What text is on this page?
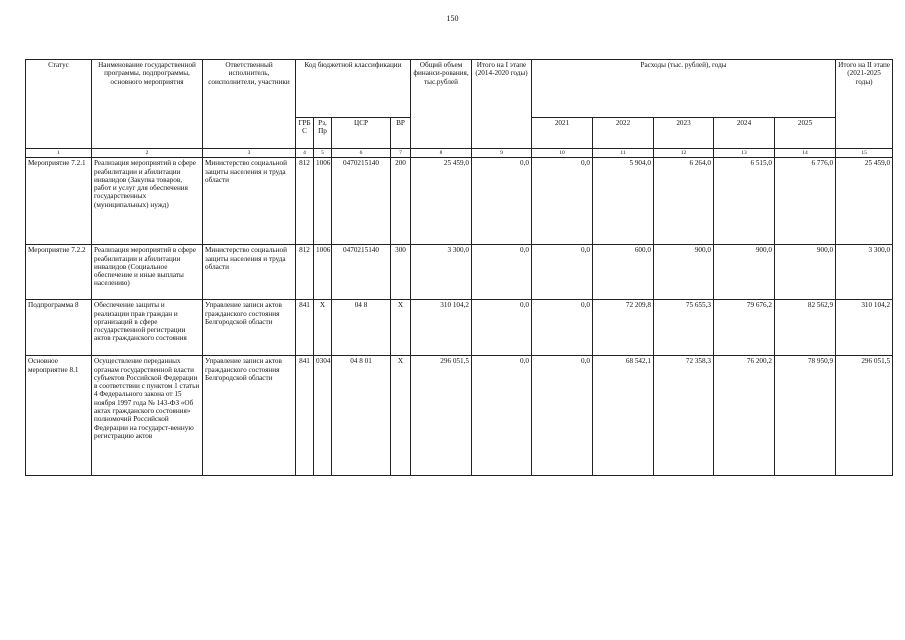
150
Статус	Наименование государственной программы, подпрограммы, основного мероприятия	Ответственный исполнитель, соисполнители, участники	Код бюджетной классификации				Общий объем финанси-рования, тыс.рублей	Итого на I этапе (2014-2020 годы)	Расходы (тыс. рублей), годы					Итого на II этапе (2021-2025 годы)
			ГРБ С	Рз, Пр	ЦСР	ВР			2021	2022	2023	2024	2025	
1	2	3	4	5	6	7	8	9	10	11	12	13	14	15
Мероприятие 7.2.1	Реализация мероприятий в сфере реабилитации и абилитации инвалидов (Закупка товаров, работ и услуг для обеспечения государственных (муниципальных) нужд)	Министерство социальной защиты населения и труда области	812	1006	0470215140	200	25 459,0	0,0	0,0	5 904,0	6 264,0	6 515,0	6 776,0	25 459,0
Мероприятие 7.2.2	Реализация мероприятий в сфере реабилитации и абилитации инвалидов (Социальное обеспечение и иные выплаты населению)	Министерство социальной защиты населения и труда области	812	1006	0470215140	300	3 300,0	0,0	0,0	600,0	900,0	900,0	900,0	3 300,0
Подпрограмма 8	Обеспечение защиты и реализации прав граждан и организаций в сфере государственной регистрации актов гражданского состояния	Управление записи актов гражданского состояния Белгородской области	841	Х	04 8	Х	310 104,2	0,0	0,0	72 209,8	75 655,3	79 676,2	82 562,9	310 104,2
Основное мероприятие 8.1	Осуществление переданных органам государственной власти субъектов Российской Федерации в соответствии с пунктом 1 статьи 4 Федерального закона от 15 ноября 1997 года № 143-ФЗ «Об актах гражданского состояния» полномочий Российской Федерации на государст-венную регистрацию актов	Управление записи актов гражданского состояния Белгородской области	841	0304	04 8 01	Х	296 051,5	0,0	0,0	68 542,1	72 358,3	76 200,2	78 950,9	296 051,5
